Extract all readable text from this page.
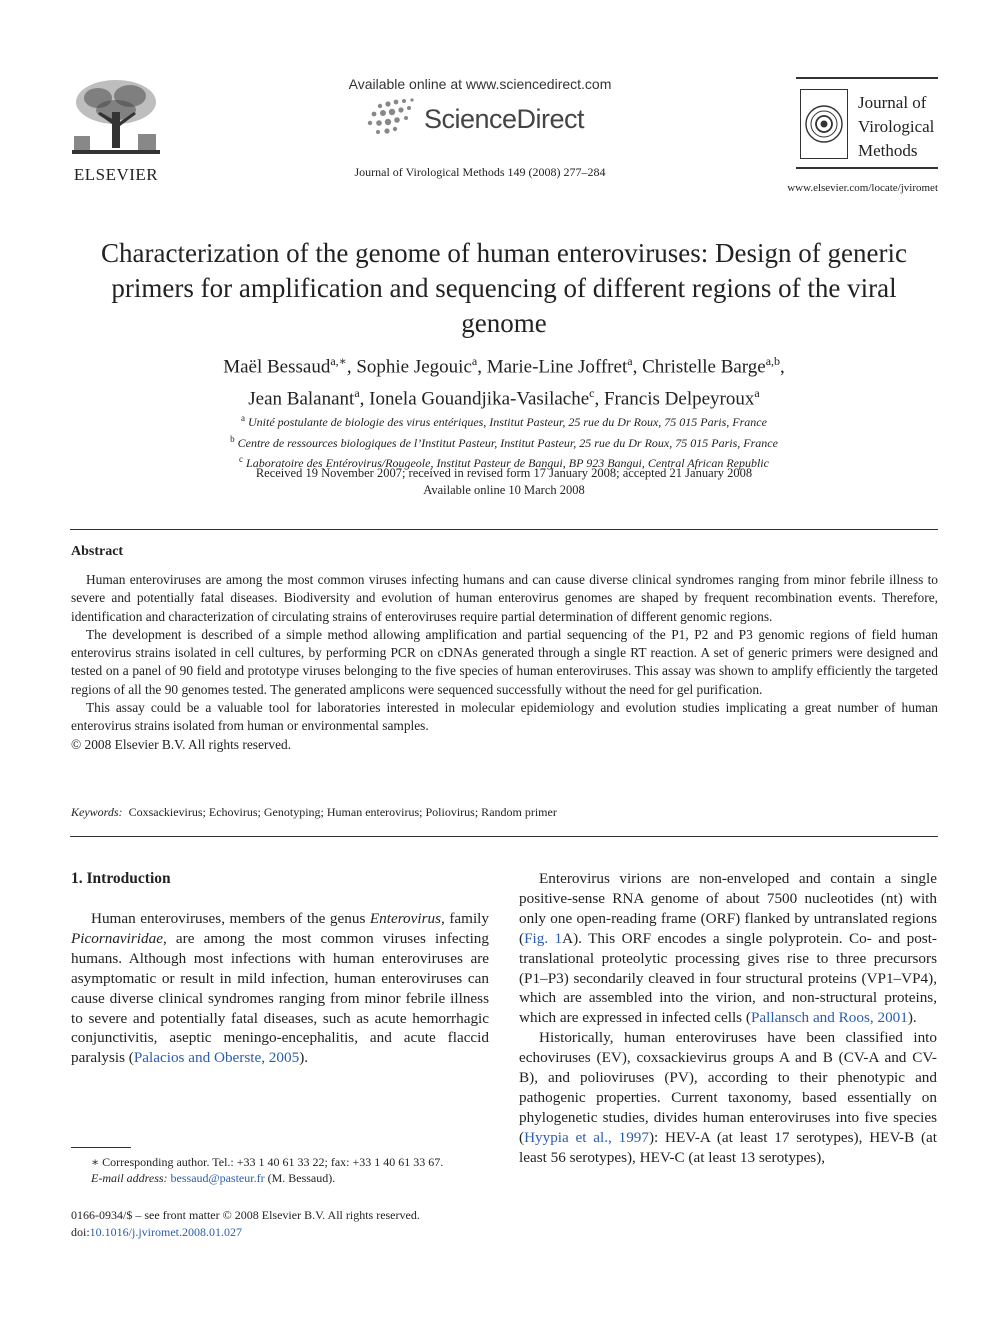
ELSEVIER
Available online at www.sciencedirect.com
ScienceDirect
Journal of Virological Methods 149 (2008) 277–284
Journal of
Virological
Methods
www.elsevier.com/locate/jviromet
Characterization of the genome of human enteroviruses: Design of generic primers for amplification and sequencing of different regions of the viral genome
Maël Bessaud$^{a,∗}$, Sophie Jegouic$^a$, Marie-Line Joffret$^a$, Christelle Barge$^{a,b}$,
Jean Balanant$^a$, Ionela Gouandjika-Vasilache$^c$, Francis Delpeyroux$^a$
$^a$ Unité postulante de biologie des virus entériques, Institut Pasteur, 25 rue du Dr Roux, 75 015 Paris, France
$^b$ Centre de ressources biologiques de l’Institut Pasteur, Institut Pasteur, 25 rue du Dr Roux, 75 015 Paris, France
$^c$ Laboratoire des Entérovirus/Rougeole, Institut Pasteur de Bangui, BP 923 Bangui, Central African Republic
Received 19 November 2007; received in revised form 17 January 2008; accepted 21 January 2008
Available online 10 March 2008
Abstract

Human enteroviruses are among the most common viruses infecting humans and can cause diverse clinical syndromes ranging from minor febrile illness to severe and potentially fatal diseases. Biodiversity and evolution of human enterovirus genomes are shaped by frequent recombination events. Therefore, identification and characterization of circulating strains of enteroviruses require partial determination of different genomic regions.

The development is described of a simple method allowing amplification and partial sequencing of the P1, P2 and P3 genomic regions of field human enterovirus strains isolated in cell cultures, by performing PCR on cDNAs generated through a single RT reaction. A set of generic primers were designed and tested on a panel of 90 field and prototype viruses belonging to the five species of human enteroviruses. This assay was shown to amplify efficiently the targeted regions of all the 90 genomes tested. The generated amplicons were sequenced successfully without the need for gel purification.

This assay could be a valuable tool for laboratories interested in molecular epidemiology and evolution studies implicating a great number of human enterovirus strains isolated from human or environmental samples.

© 2008 Elsevier B.V. All rights reserved.

Keywords: Coxsackievirus; Echovirus; Genotyping; Human enterovirus; Poliovirus; Random primer
1. Introduction

Human enteroviruses, members of the genus Enterovirus, family Picornaviridae, are among the most common viruses infecting humans. Although most infections with human enteroviruses are asymptomatic or result in mild infection, human enteroviruses can cause diverse clinical syndromes ranging from minor febrile illness to severe and potentially fatal diseases, such as acute hemorrhagic conjunctivitis, aseptic meningo-encephalitis, and acute flaccid paralysis (Palacios and Oberste, 2005).

Enterovirus virions are non-enveloped and contain a single positive-sense RNA genome of about 7500 nucleotides (nt) with only one open-reading frame (ORF) flanked by untranslated regions (Fig. 1A). This ORF encodes a single polyprotein. Co- and post-translational proteolytic processing gives rise to three precursors (P1–P3) secondarily cleaved in four structural proteins (VP1–VP4), which are assembled into the virion, and non-structural proteins, which are expressed in infected cells (Pallansch and Roos, 2001).

Historically, human enteroviruses have been classified into echoviruses (EV), coxsackievirus groups A and B (CV-A and CV-B), and polioviruses (PV), according to their phenotypic and pathogenic properties. Current taxonomy, based essentially on phylogenetic studies, divides human enteroviruses into five species (Hyypia et al., 1997): HEV-A (at least 17 serotypes), HEV-B (at least 56 serotypes), HEV-C (at least 13 serotypes),

∗ Corresponding author. Tel.: +33 1 40 61 33 22; fax: +33 1 40 61 33 67.

E-mail address: bessaud@pasteur.fr (M. Bessaud).

0166-0934/$ – see front matter © 2008 Elsevier B.V. All rights reserved.
doi:10.1016/j.jviromet.2008.01.027
